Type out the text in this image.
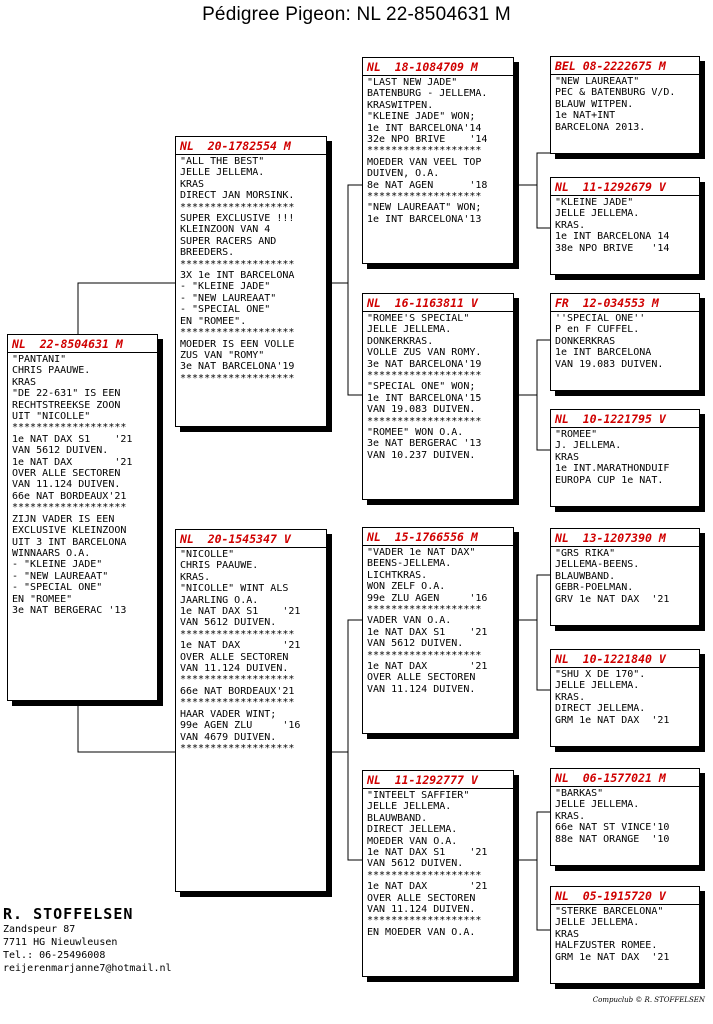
Pédigree Pigeon: NL 22-8504631 M
NL  22-8504631 M
"PANTANI"
CHRIS PAAUWE.
KRAS
"DE 22-631" IS EEN
RECHTSTREEKSE ZOON
UIT "NICOLLE"
*******************
1e NAT DAX S1    '21
VAN 5612 DUIVEN.
1e NAT DAX       '21
OVER ALLE SECTOREN
VAN 11.124 DUIVEN.
66e NAT BORDEAUX'21
*******************
ZIJN VADER IS EEN
EXCLUSIVE KLEINZOON
UIT 3 INT BARCELONA
WINNAARS O.A.
- "KLEINE JADE"
- "NEW LAUREAAT"
- "SPECIAL ONE"
EN "ROMEE"
3e NAT BERGERAC '13
NL  20-1782554 M
"ALL THE BEST"
JELLE JELLEMA.
KRAS
DIRECT JAN MORSINK.
*******************
SUPER EXCLUSIVE !!!
KLEINZOON VAN 4
SUPER RACERS AND
BREEDERS.
*******************
3X 1e INT BARCELONA
- "KLEINE JADE"
- "NEW LAUREAAT"
- "SPECIAL ONE"
EN "ROMEE".
*******************
MOEDER IS EEN VOLLE
ZUS VAN "ROMY"
3e NAT BARCELONA'19
*******************
NL  20-1545347 V
"NICOLLE"
CHRIS PAAUWE.
KRAS.
"NICOLLE" WINT ALS
JAARLING O.A.
1e NAT DAX S1    '21
VAN 5612 DUIVEN.
*******************
1e NAT DAX       '21
OVER ALLE SECTOREN
VAN 11.124 DUIVEN.
*******************
66e NAT BORDEAUX'21
*******************
HAAR VADER WINT;
99e AGEN ZLU     '16
VAN 4679 DUIVEN.
*******************
NL  18-1084709 M
"LAST NEW JADE"
BATENBURG - JELLEMA.
KRASWITPEN.
"KLEINE JADE" WON;
1e INT BARCELONA'14
32e NPO BRIVE    '14
*******************
MOEDER VAN VEEL TOP
DUIVEN, O.A.
8e NAT AGEN      '18
*******************
"NEW LAUREAAT" WON;
1e INT BARCELONA'13
NL  16-1163811 V
"ROMEE'S SPECIAL"
JELLE JELLEMA.
DONKERKRAS.
VOLLE ZUS VAN ROMY.
3e NAT BARCELONA'19
*******************
"SPECIAL ONE" WON;
1e INT BARCELONA'15
VAN 19.083 DUIVEN.
*******************
"ROMEE" WON O.A.
3e NAT BERGERAC '13
VAN 10.237 DUIVEN.
NL  15-1766556 M
"VADER 1e NAT DAX"
BEENS-JELLEMA.
LICHTKRAS.
WON ZELF O.A.
99e ZLU AGEN     '16
*******************
VADER VAN O.A.
1e NAT DAX S1    '21
VAN 5612 DUIVEN.
*******************
1e NAT DAX       '21
OVER ALLE SECTOREN
VAN 11.124 DUIVEN.
NL  11-1292777 V
"INTEELT SAFFIER"
JELLE JELLEMA.
BLAUWBAND.
DIRECT JELLEMA.
MOEDER VAN O.A.
1e NAT DAX S1    '21
VAN 5612 DUIVEN.
*******************
1e NAT DAX       '21
OVER ALLE SECTOREN
VAN 11.124 DUIVEN.
*******************
EN MOEDER VAN O.A.
BEL 08-2222675 M
"NEW LAUREAAT"
PEC & BATENBURG V/D.
BLAUW WITPEN.
1e NAT+INT
BARCELONA 2013.
NL  11-1292679 V
"KLEINE JADE"
JELLE JELLEMA.
KRAS.
1e INT BARCELONA 14
38e NPO BRIVE   '14
FR  12-034553 M
''SPECIAL ONE''
P en F CUFFEL.
DONKERKRAS
1e INT BARCELONA
VAN 19.083 DUIVEN.
NL  10-1221795 V
"ROMEE"
J. JELLEMA.
KRAS
1e INT.MARATHONDUIF
EUROPA CUP 1e NAT.
NL  13-1207390 M
"GRS RIKA"
JELLEMA-BEENS.
BLAUWBAND.
GEBR-POELMAN.
GRV 1e NAT DAX  '21
NL  10-1221840 V
"SHU X DE 170".
JELLE JELLEMA.
KRAS.
DIRECT JELLEMA.
GRM 1e NAT DAX  '21
NL  06-1577021 M
"BARKAS"
JELLE JELLEMA.
KRAS.
66e NAT ST VINCE'10
88e NAT ORANGE  '10
NL  05-1915720 V
"STERKE BARCELONA"
JELLE JELLEMA.
KRAS
HALFZUSTER ROMEE.
GRM 1e NAT DAX  '21
R. STOFFELSEN
Zandspeur 87
7711 HG Nieuwleusen
Tel.: 06-25496008
reijerenmarjanne7@hotmail.nl
Compuclub © R. STOFFELSEN
